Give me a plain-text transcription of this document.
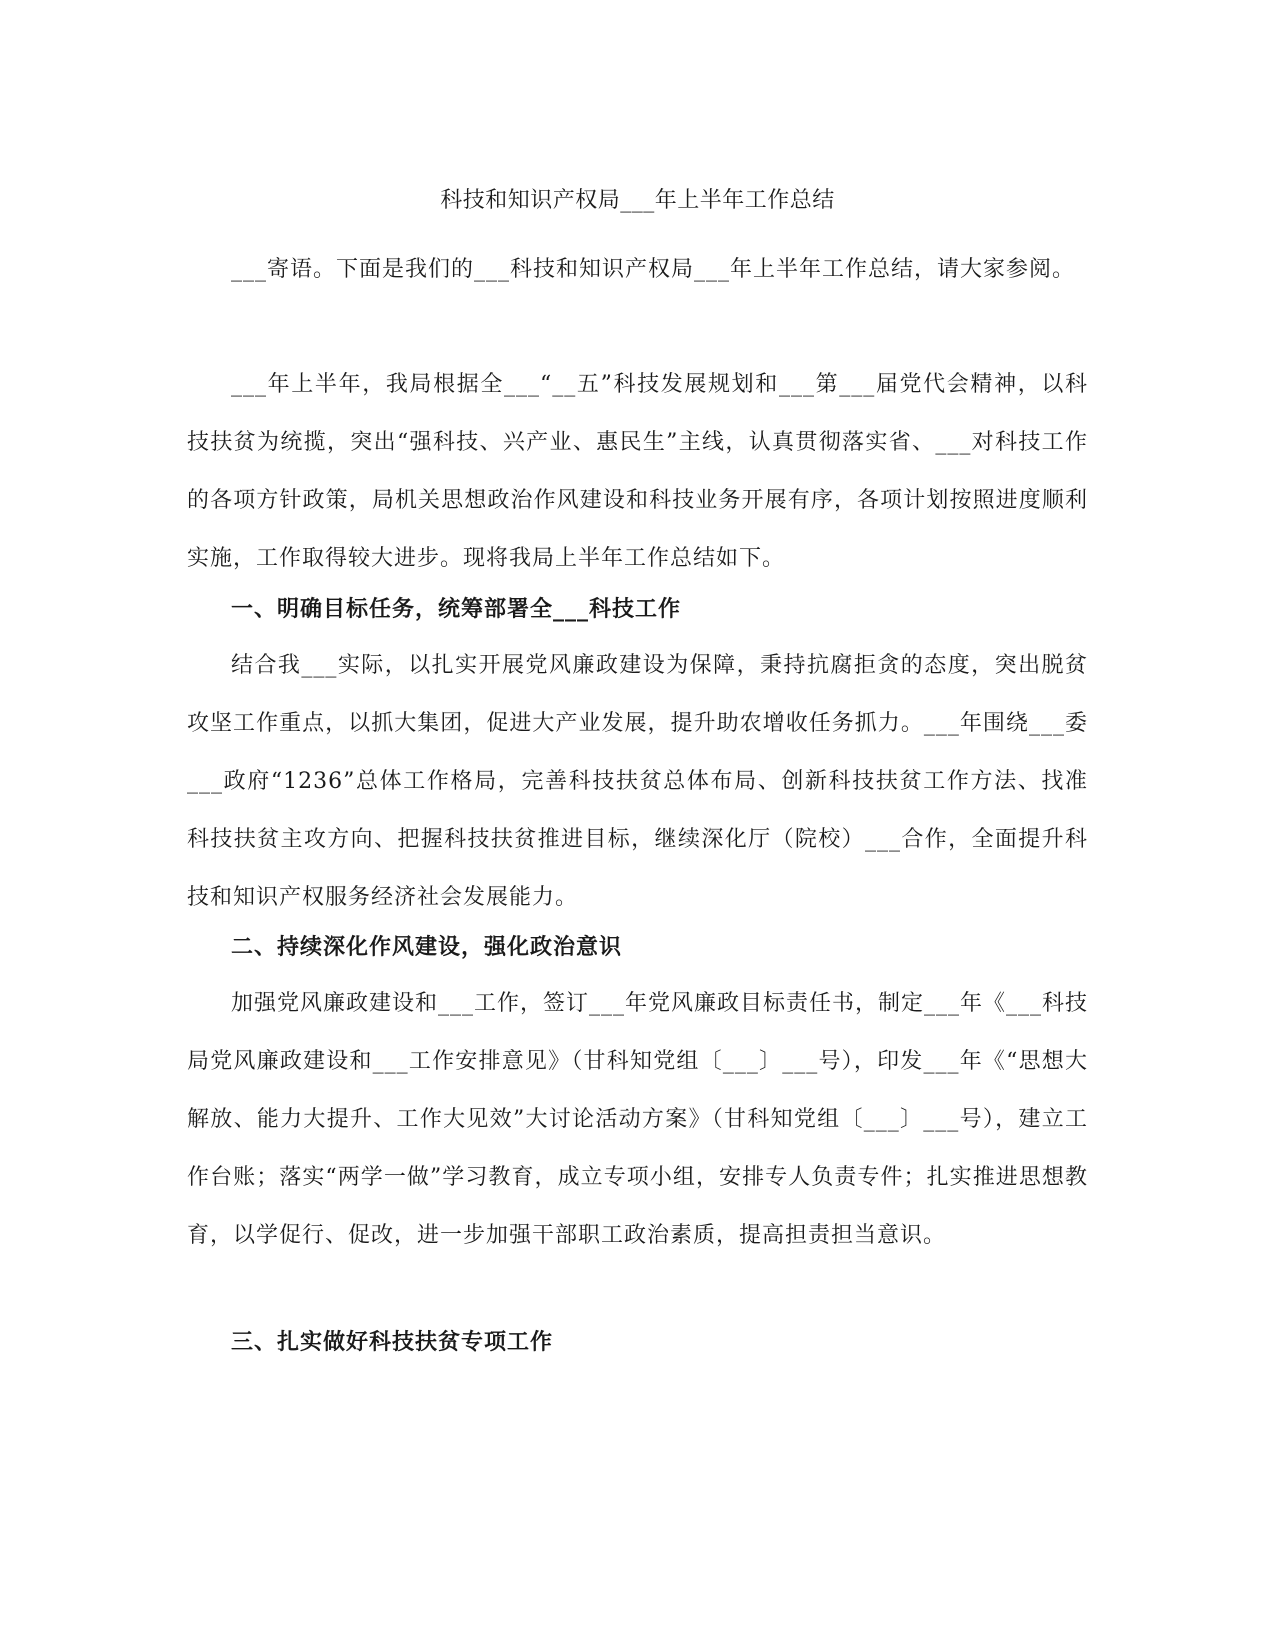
科技和知识产权局___年上半年工作总结

___寄语。下面是我们的___科技和知识产权局___年上半年工作总结，请大家参阅。

___年上半年，我局根据全___“__五”科技发展规划和___第___届党代会精神，以科技扶贫为统揽，突出“强科技、兴产业、惠民生”主线，认真贯彻落实省、___对科技工作的各项方针政策，局机关思想政治作风建设和科技业务开展有序，各项计划按照进度顺利实施，工作取得较大进步。现将我局上半年工作总结如下。

一、明确目标任务，统筹部署全___科技工作

结合我___实际，以扎实开展党风廉政建设为保障，秉持抗腐拒贪的态度，突出脱贫攻坚工作重点，以抓大集团，促进大产业发展，提升助农增收任务抓力。___年围绕___委___政府“1236”总体工作格局，完善科技扶贫总体布局、创新科技扶贫工作方法、找准科技扶贫主攻方向、把握科技扶贫推进目标，继续深化厅（院校）___合作，全面提升科技和知识产权服务经济社会发展能力。

二、持续深化作风建设，强化政治意识

加强党风廉政建设和___工作，签订___年党风廉政目标责任书，制定___年《___科技局党风廉政建设和___工作安排意见》（甘科知党组〔___〕___号），印发___年《“思想大解放、能力大提升、工作大见效”大讨论活动方案》（甘科知党组〔___〕___号），建立工作台账；落实“两学一做”学习教育，成立专项小组，安排专人负责专件；扎实推进思想教育，以学促行、促改，进一步加强干部职工政治素质，提高担责担当意识。

三、扎实做好科技扶贫专项工作
